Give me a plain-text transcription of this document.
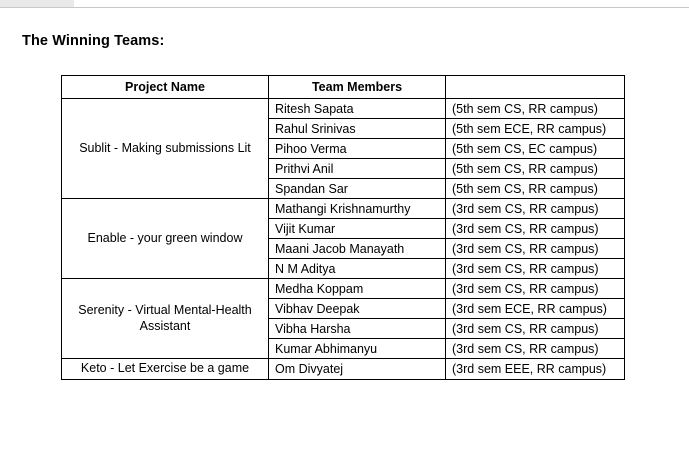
The Winning Teams:
Project Name	Team Members	
Sublit - Making submissions Lit	Ritesh Sapata	(5th sem CS, RR campus)
	Rahul Srinivas	(5th sem ECE, RR campus)
	Pihoo Verma	(5th sem CS, EC campus)
	Prithvi Anil	(5th sem CS, RR campus)
	Spandan Sar	(5th sem CS, RR campus)
Enable - your green window	Mathangi Krishnamurthy	(3rd sem CS, RR campus)
	Vijit Kumar	(3rd sem CS, RR campus)
	Maani Jacob Manayath	(3rd sem CS, RR campus)
	N M Aditya	(3rd sem CS, RR campus)
Serenity - Virtual Mental-Health Assistant	Medha Koppam	(3rd sem CS, RR campus)
	Vibhav Deepak	(3rd sem ECE, RR campus)
	Vibha Harsha	(3rd sem CS, RR campus)
	Kumar Abhimanyu	(3rd sem CS, RR campus)
Keto - Let Exercise be a game	Om Divyatej	(3rd sem EEE, RR campus)
